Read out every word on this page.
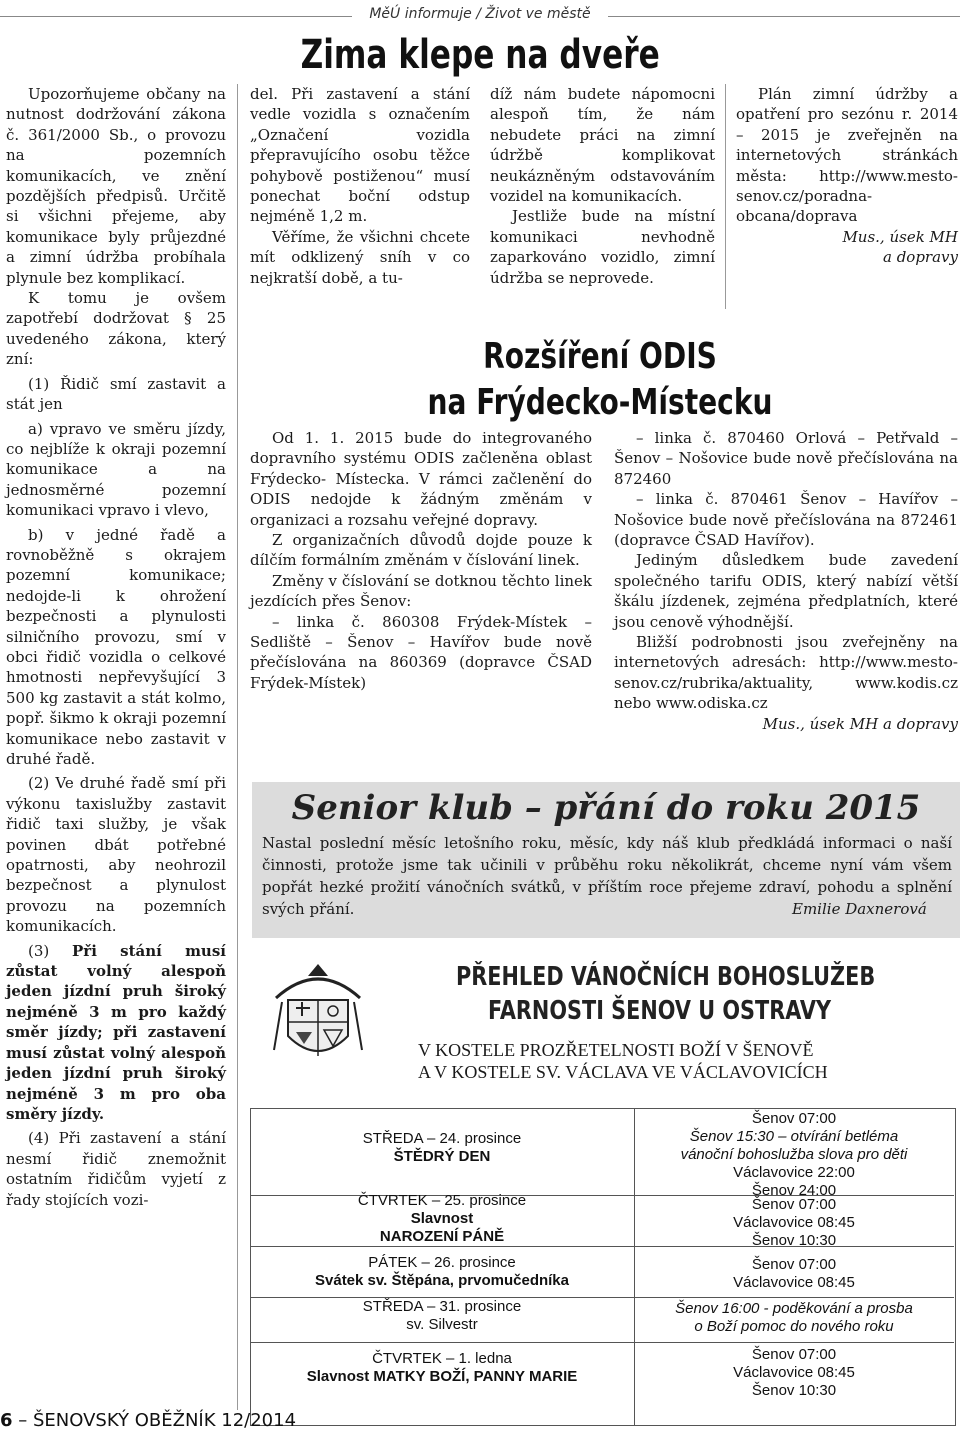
MěÚ informuje / Život ve městě
Zima klepe na dveře

Upozorňujeme občany na nutnost dodržování zákona č. 361/2000 Sb., o provozu na pozemních komunikacích, ve znění pozdějších předpisů. Určitě si všichni přejeme, aby komunikace byly průjezdné a zimní údržba probíhala plynule bez komplikací.

K tomu je ovšem zapotřebí dodržovat § 25 uvedeného zákona, který zní:

(1) Řidič smí zastavit a stát jen

a) vpravo ve směru jízdy, co nejblíže k okraji pozemní komunikace a na jednosměrné pozemní komunikaci vpravo i vlevo,

b) v jedné řadě a rovnoběžně s okrajem pozemní komunikace; nedojde-li k ohrožení bezpečnosti a plynulosti silničního provozu, smí v obci řidič vozidla o celkové hmotnosti nepřevyšující 3 500 kg zastavit a stát kolmo, popř. šikmo k okraji pozemní komunikace nebo zastavit v druhé řadě.

(2) Ve druhé řadě smí při výkonu taxislužby zastavit řidič taxi služby, je však povinen dbát potřebné opatrnosti, aby neohrozil bezpečnost a plynulost provozu na pozemních komunikacích.

(3) Při stání musí zůstat volný alespoň jeden jízdní pruh široký nejméně 3 m pro každý směr jízdy; při zastavení musí zůstat volný alespoň jeden jízdní pruh široký nejméně 3 m pro oba směry jízdy.

(4) Při zastavení a stání nesmí řidič znemožnit ostatním řidičům vyjetí z řady stojících vozi-

del. Při zastavení a stání vedle vozidla s označením „Označení vozidla přepravujícího osobu těžce pohybově postiženou“ musí ponechat boční odstup nejméně 1,2 m.

Věříme, že všichni chcete mít odklizený sníh v co nejkratší době, a tu-

díž nám budete nápomocni alespoň tím, že nám nebudete práci na zimní údržbě komplikovat neukázněným odstavováním vozidel na komunikacích.

Jestliže bude na místní komunikaci nevhodně zaparkováno vozidlo, zimní údržba se neprovede.

Plán zimní údržby a opatření pro sezónu r. 2014 – 2015 je zveřejněn na internetových stránkách města: http://www.mesto-senov.cz/poradna-obcana/doprava

Mus., úsek MH

a dopravy

Rozšíření ODIS
na Frýdecko-Místecku

Od 1. 1. 2015 bude do integrovaného dopravního systému ODIS začleněna oblast Frýdecko- Místecka. V rámci začlenění do ODIS nedojde k žádným změnám v organizaci a rozsahu veřejné dopravy.

Z organizačních důvodů dojde pouze k dílčím formálním změnám v číslování linek.

Změny v číslování se dotknou těchto linek jezdících přes Šenov:

– linka č. 860308 Frýdek-Místek – Sedliště – Šenov – Havířov bude nově přečíslována na 860369 (dopravce ČSAD Frýdek-Místek)

– linka č. 870460 Orlová – Petřvald – Šenov – Nošovice bude nově přečíslována na 872460

– linka č. 870461 Šenov – Havířov – Nošovice bude nově přečíslována na 872461 (dopravce ČSAD Havířov).

Jediným důsledkem bude zavedení společného tarifu ODIS, který nabízí větší škálu jízdenek, zejména předplatních, které jsou cenově výhodnější.

Bližší podrobnosti jsou zveřejněny na internetových adresách: http://www.mesto-senov.cz/rubrika/aktuality, www.kodis.cz nebo www.odiska.cz

Mus., úsek MH a dopravy

Senior klub – přání do roku 2015
Nastal poslední měsíc letošního roku, měsíc, kdy náš klub předkládá informaci o naší činnosti, protože jsme tak učinili v průběhu roku několikrát, chceme nyní vám všem popřát hezké prožití vánočních svátků, v příštím roce přejeme zdraví, pohodu a splnění svých přání.	Emilie Daxnerová
PŘEHLED VÁNOČNÍCH BOHOSLUŽEB
FARNOSTI ŠENOV U OSTRAVY
V KOSTELE PROZŘETELNOSTI BOŽÍ V ŠENOVĚ
A V KOSTELE SV. VÁCLAVA VE VÁCLAVOVICÍCH
STŘEDA – 24. prosince
ŠTĚDRÝ DEN
ČTVRTEK – 25. prosince
Slavnost
NAROZENÍ PÁNĚ
PÁTEK – 26. prosince
Svátek sv. Štěpána, prvomučedníka
STŘEDA – 31. prosince
sv. Silvestr
ČTVRTEK – 1. ledna
Slavnost MATKY BOŽÍ, PANNY MARIE
Šenov 07:00
Šenov 15:30 – otvírání betléma
vánoční bohoslužba slova pro děti
Václavovice 22:00
Šenov 24:00
Šenov 07:00
Václavovice 08:45
Šenov 10:30
Šenov 07:00
Václavovice 08:45
Šenov 16:00 - poděkování a prosba
o Boží pomoc do nového roku
Šenov 07:00
Václavovice 08:45
Šenov 10:30
6 – ŠENOVSKÝ OBĚŽNÍK 12/2014
